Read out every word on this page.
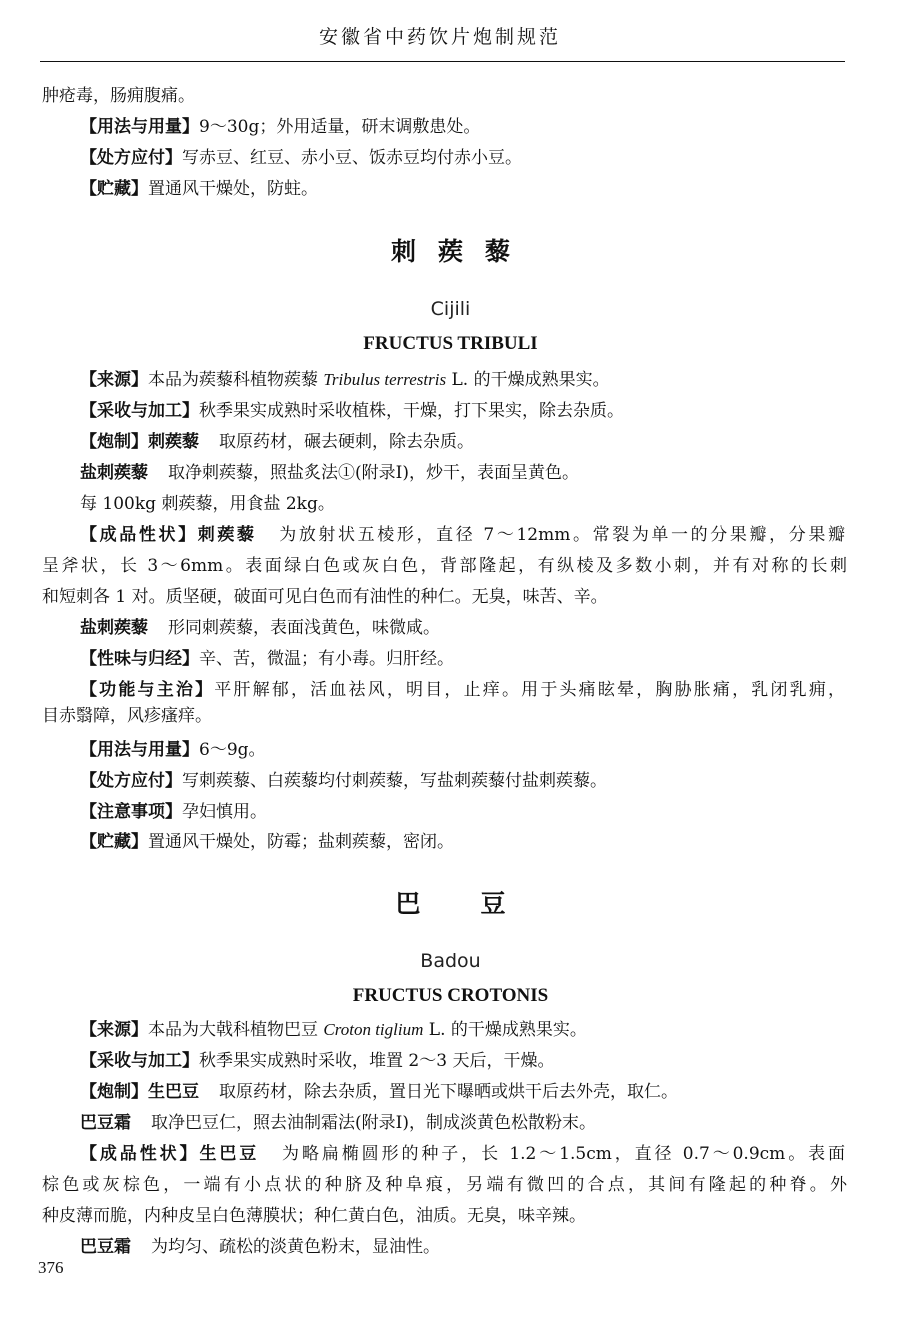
安徽省中药饮片炮制规范
肿疮毒，肠痈腹痛。
【用法与用量】9～30g；外用适量，研末调敷患处。
【处方应付】写赤豆、红豆、赤小豆、饭赤豆均付赤小豆。
【贮藏】置通风干燥处，防蛀。
刺蒺藜
Cijili
FRUCTUS TRIBULI
【来源】本品为蒺藜科植物蒺藜 Tribulus terrestris L. 的干燥成熟果实。
【采收与加工】秋季果实成熟时采收植株，干燥，打下果实，除去杂质。
【炮制】刺蒺藜 取原药材，碾去硬刺，除去杂质。
盐刺蒺藜 取净刺蒺藜，照盐炙法①(附录Ⅰ)，炒干，表面呈黄色。
每 100kg 刺蒺藜，用食盐 2kg。
【成品性状】刺蒺藜 为放射状五棱形，直径 7～12mm。常裂为单一的分果瓣，分果瓣
呈斧状，长 3～6mm。表面绿白色或灰白色，背部隆起，有纵棱及多数小刺，并有对称的长刺
和短刺各 1 对。质坚硬，破面可见白色而有油性的种仁。无臭，味苦、辛。
盐刺蒺藜 形同刺蒺藜，表面浅黄色，味微咸。
【性味与归经】辛、苦，微温；有小毒。归肝经。
【功能与主治】平肝解郁，活血祛风，明目，止痒。用于头痛眩晕，胸胁胀痛，乳闭乳痈，
目赤翳障，风疹瘙痒。
【用法与用量】6～9g。
【处方应付】写刺蒺藜、白蒺藜均付刺蒺藜，写盐刺蒺藜付盐刺蒺藜。
【注意事项】孕妇慎用。
【贮藏】置通风干燥处，防霉；盐刺蒺藜，密闭。
巴豆
Badou
FRUCTUS CROTONIS
【来源】本品为大戟科植物巴豆 Croton tiglium L. 的干燥成熟果实。
【采收与加工】秋季果实成熟时采收，堆置 2～3 天后，干燥。
【炮制】生巴豆 取原药材，除去杂质，置日光下曝晒或烘干后去外壳，取仁。
巴豆霜 取净巴豆仁，照去油制霜法(附录Ⅰ)，制成淡黄色松散粉末。
【成品性状】生巴豆 为略扁椭圆形的种子，长 1.2～1.5cm，直径 0.7～0.9cm。表面
棕色或灰棕色，一端有小点状的种脐及种阜痕，另端有微凹的合点，其间有隆起的种脊。外
种皮薄而脆，内种皮呈白色薄膜状；种仁黄白色，油质。无臭，味辛辣。
巴豆霜 为均匀、疏松的淡黄色粉末，显油性。
376
